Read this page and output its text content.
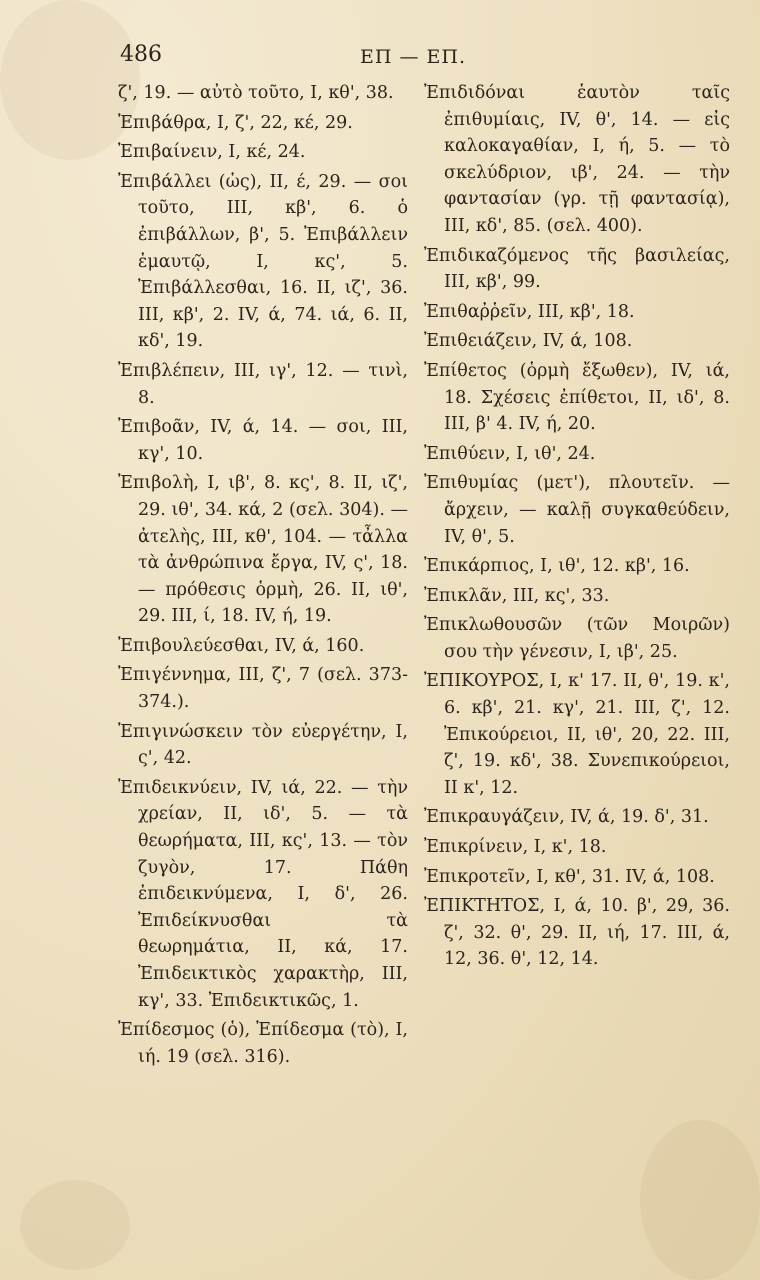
486	ΕΠ — ΕΠ.

ζ', 19. — αὐτὸ τοῦτο, I, κθ', 38.

Ἐπιβάθρα, I, ζ', 22, κέ, 29.

Ἐπιβαίνειν, I, κέ, 24.

Ἐπιβάλλει (ὡς), II, έ, 29. — σοι τοῦτο, III, κβ', 6. ὁ ἐπιβάλλων, β', 5. Ἐπιβάλλειν ἐμαυτῷ, I, κς', 5. Ἐπιβάλλεσθαι, 16. II, ιζ', 36. III, κβ', 2. IV, ά, 74. ιά, 6. II, κδ', 19.

Ἐπιβλέπειν, III, ιγ', 12. — τινὶ, 8.

Ἐπιβοᾶν, IV, ά, 14. — σοι, III, κγ', 10.

Ἐπιβολὴ, I, ιβ', 8. κς', 8. II, ιζ', 29. ιθ', 34. κά, 2 (σελ. 304). — ἀτελὴς, III, κθ', 104. — τἆλλα τὰ ἀνθρώπινα ἔργα, IV, ς', 18. — πρόθεσις ὁρμὴ, 26. II, ιθ', 29. III, ί, 18. IV, ή, 19.

Ἐπιβουλεύεσθαι, IV, ά, 160.

Ἐπιγέννημα, III, ζ', 7 (σελ. 373-374.).

Ἐπιγινώσκειν τὸν εὐεργέτην, I, ς', 42.

Ἐπιδεικνύειν, IV, ιά, 22. — τὴν χρείαν, II, ιδ', 5. — τὰ θεωρήματα, III, κς', 13. — τὸν ζυγὸν, 17. Πάθη ἐπιδεικνύμενα, I, δ', 26. Ἐπιδείκνυσθαι τὰ θεωρημάτια, II, κά, 17. Ἐπιδεικτικὸς χαρακτὴρ, III, κγ', 33. Ἐπιδεικτικῶς, 1.

Ἐπίδεσμος (ὁ), Ἐπίδεσμα (τὸ), I, ιή. 19 (σελ. 316).

Ἐπιδιδόναι ἑαυτὸν ταῖς ἐπιθυμίαις, IV, θ', 14. — εἰς καλοκαγαθίαν, I, ή, 5. — τὸ σκελύδριον, ιβ', 24. — τὴν φαντασίαν (γρ. τῇ φαντασίᾳ), III, κδ', 85. (σελ. 400).

Ἐπιδικαζόμενος τῆς βασιλείας, III, κβ', 99.

Ἐπιθαῤῥεῖν, III, κβ', 18.

Ἐπιθειάζειν, IV, ά, 108.

Ἐπίθετος (ὁρμὴ ἔξωθεν), IV, ιά, 18. Σχέσεις ἐπίθετοι, II, ιδ', 8. III, β' 4. IV, ή, 20.

Ἐπιθύειν, I, ιθ', 24.

Ἐπιθυμίας (μετ'), πλουτεῖν. — ἄρχειν, — καλῇ συγκαθεύδειν, IV, θ', 5.

Ἐπικάρπιος, I, ιθ', 12. κβ', 16.

Ἐπικλᾶν, III, κς', 33.

Ἐπικλωθουσῶν (τῶν Μοιρῶν) σου τὴν γένεσιν, I, ιβ', 25.

ἘΠΙΚΟΥΡΟΣ, I, κ' 17. II, θ', 19. κ', 6. κβ', 21. κγ', 21. III, ζ', 12. Ἐπικούρειοι, II, ιθ', 20, 22. III, ζ', 19. κδ', 38. Συνεπικούρειοι, II κ', 12.

Ἐπικραυγάζειν, IV, ά, 19. δ', 31.

Ἐπικρίνειν, I, κ', 18.

Ἐπικροτεῖν, I, κθ', 31. IV, ά, 108.

ἘΠΙΚΤΗΤΟΣ, I, ά, 10. β', 29, 36. ζ', 32. θ', 29. II, ιή, 17. III, ά, 12, 36. θ', 12, 14.
